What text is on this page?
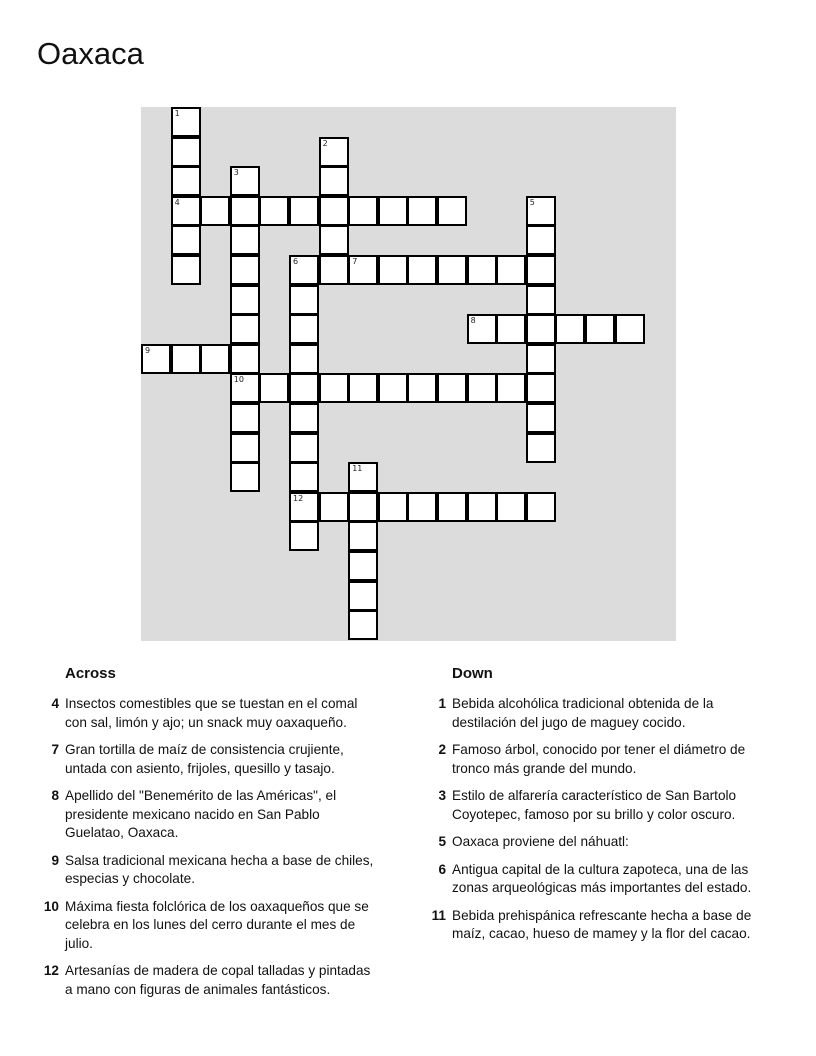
Oaxaca
1
4
2
3
10
5
6
12
7
8
9
11
Across
4 Insectos comestibles que se tuestan en el comal con sal, limón y ajo; un snack muy oaxaqueño.
7 Gran tortilla de maíz de consistencia crujiente, untada con asiento, frijoles, quesillo y tasajo.
8 Apellido del "Benemérito de las Américas", el presidente mexicano nacido en San Pablo Guelatao, Oaxaca.
9 Salsa tradicional mexicana hecha a base de chiles, especias y chocolate.
10 Máxima fiesta folclórica de los oaxaqueños que se celebra en los lunes del cerro durante el mes de julio.
12 Artesanías de madera de copal talladas y pintadas a mano con figuras de animales fantásticos.
Down
1 Bebida alcohólica tradicional obtenida de la destilación del jugo de maguey cocido.
2 Famoso árbol, conocido por tener el diámetro de tronco más grande del mundo.
3 Estilo de alfarería característico de San Bartolo Coyotepec, famoso por su brillo y color oscuro.
5 Oaxaca proviene del náhuatl:
6 Antigua capital de la cultura zapoteca, una de las zonas arqueológicas más importantes del estado.
11 Bebida prehispánica refrescante hecha a base de maíz, cacao, hueso de mamey y la flor del cacao.
